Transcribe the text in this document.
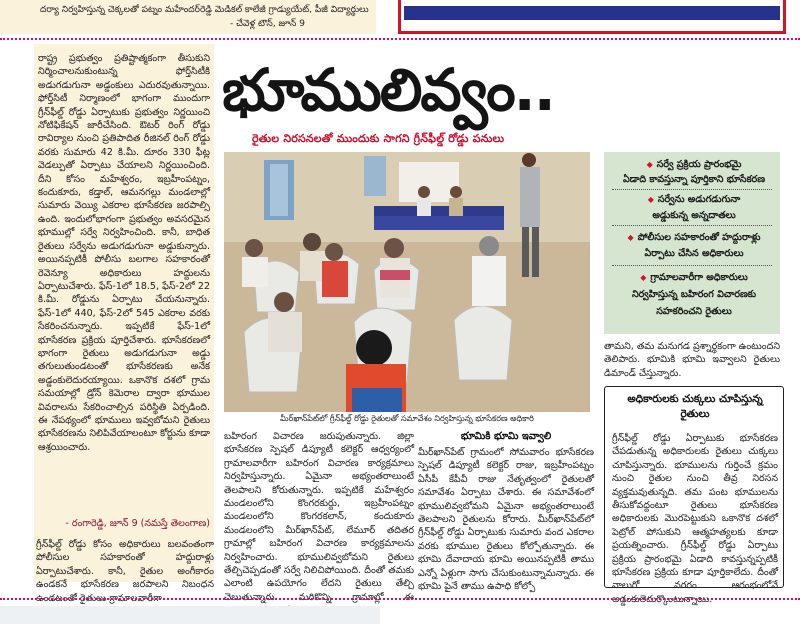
దర్యా నిర్వహిస్తున్న చెక్కలతో పట్నం మహేందర్‌రెడ్డి మెడికల్ కాలేజీ గ్రాడ్యుయేట్, పీజీ విద్యార్థులు
- చేవెళ్ల టౌన్, జూన్ 9
రాష్ట్ర ప్రభుత్వం ప్రతిష్టాత్మకంగా తీసుకుని నిర్మించాలనుకుంటున్న ఫోర్త్‌సిటీకి అడుగడుగునా అడ్డంకులు ఎదురవుతున్నాయి. ఫోర్త్‌సిటీ నిర్మాణంలో భాగంగా ముందుగా గ్రీన్‌ఫీల్డ్ రోడ్డు ఏర్పాటుకు ప్రభుత్వం నిర్ణయించి నోటిఫికేషన్ జారీచేసింది. ఔటర్ రింగ్ రోడ్డు రావిర్యాల నుంచి ప్రతిపాదిత రీజినల్ రింగ్ రోడ్డు వరకు సుమారు 42 కి.మీ. దూరం 330 ఫీట్ల వెడల్పుతో ఏర్పాటు చేయాలని నిర్ణయించింది. దీని కోసం మహేశ్వరం, ఇబ్రహీంపట్నం, కందుకూరు, కడ్తాల్, ఆమనగల్లు మండలాల్లో సుమారు వెయ్యి ఎకరాల భూసేకరణ జరపాల్సి ఉంది. ఇందులోభాగంగా ప్రభుత్వం అవసరమైన భూముల్లో సర్వే నిర్వహించింది. కానీ, బాధిత రైతులు సర్వేను అడుగడుగునా అడ్డుకున్నారు. అయినప్పటికీ పోలీసు బలగాల సహకారంతో రెవెన్యూ అధికారులు హద్దులను ఏర్పాటుచేశారు. ఫేస్-1లో 18.5, ఫేస్-2లో 22 కి.మీ. రోడ్డును ఏర్పాటు చేయనున్నారు. ఫేస్-1లో 440, ఫేస్-2లో 545 ఎకరాల వరకు సేకరించనున్నారు. ఇప్పటికే ఫేస్-1లో భూసేకరణ ప్రక్రియ పూర్తిచేశారు. భూసేకరణలో భాగంగా రైతులు అడుగడుగునా అడ్డు తగులుతుండటంతో భూసేకరణకు అనేక అడ్డంకులెదురయ్యాయి. ఒకానొక దశలో గ్రామ సమయాల్లో డ్రోన్ కెమెరాల ద్వారా భూముల వివరాలను సేకరించాల్సిన పరిస్థితి ఏర్పడింది. ఈ నేపథ్యంలో భూములు ఇవ్వబోమని రైతులు భూసేకరణను నిలిపివేయాలంటూ కోర్టును కూడా ఆశ్రయించారు.
- రంగారెడ్డి, జూన్ 9 (నమస్తే తెలంగాణ)
గ్రీన్‌ఫీల్డ్ రోడ్డు కోసం అధికారులు బలవంతంగా పోలీసుల సహకారంతో హద్దురాళ్లు ఏర్పాటుచేశారు. కానీ, రైతుల అంగీకారం ఉండకనే భూసేకరణ జరపాలని నిబంధన ఉండటంతో రైతులు గ్రామాలవారీగా
భూములివ్వం..
రైతుల నిరసనలతో ముందుకు సాగని గ్రీన్‌ఫీల్డ్ రోడ్డు పనులు
మీర్‌ఖాన్‌పేట్‌లో గ్రీన్‌ఫీల్డ్ రోడ్డు రైతులతో సమావేశం నిర్వహిస్తున్న భూసేకరణ అధికారి
◆ సర్వే ప్రక్రియ ప్రారంభమై
ఏడాది కావస్తున్నా పూర్తికాని భూసేకరణ
◆ సర్వేను అడుగడుగునా
అడ్డుకున్న అన్నదాతలు
◆ పోలీసుల సహకారంతో హద్దురాళ్లు
ఏర్పాటు చేసిన అధికారులు
◆ గ్రామాలవారీగా అధికారులు
నిర్వహిస్తున్న బహిరంగ విచారణకు
సహకరించని రైతులు
తామని, తమ మనుగడ ప్రశ్నార్థకంగా ఉంటుందని తెలిపారు. భూమికి భూమి ఇవ్వాలని రైతులు డిమాండ్ చేస్తున్నారు.
అధికారులకు చుక్కలు చూపిస్తున్న రైతులు
గ్రీన్‌ఫీల్డ్ రోడ్డు ఏర్పాటుకు భూసేకరణ చేపడుతున్న అధికారులకు రైతులు చుక్కలు చూపిస్తున్నారు. భూములను గుర్తించే క్రమం నుంచి రైతుల నుంచి తీవ్ర నిరసన వ్యక్తమవుతున్నది. తమ పంట భూములను తీసుకోవద్దంటూ రైతులు భూసేకరణ అధికారులకు మొరపెట్టుకుని ఒకానొక దశలో పెట్రోల్ పోసుకుని ఆత్మహత్యలకు కూడా ప్రయత్నించారు. గ్రీన్‌ఫీల్డ్ రోడ్డు ఏర్పాటు ప్రక్రియ ప్రారంభమై ఏడాది కావస్తున్నప్పటికీ భూసేకరణ ప్రక్రియ కూడా పూర్తికాలేదు. దీంతో నాలుగో నగరం ఆరంభంలోనే అడ్డంకులెదుర్కొంటున్నాయి.
బహిరంగ విచారణ జరుపుతున్నారు. జిల్లా భూసేకరణ స్పెషల్ డిప్యూటీ కలెక్టర్ ఆధ్వర్యంలో గ్రామాలవారీగా బహిరంగ విచారణ కార్యక్రమాలు నిర్వహిస్తున్నారు. ఏమైనా అభ్యంతరాలుంటే తెలపాలని కోరుతున్నారు. ఇప్పటికే మహేశ్వరం మండలంలోని కొంగరకుర్దు, ఇబ్రహీంపట్నం మండలంలోని కొంగరకలాన్, కందుకూరు మండలంలోని మీర్‌ఖాన్‌పేట్, లేమూర్ తదితర గ్రామాల్లో బహిరంగ విచారణ కార్యక్రమాలను నిర్వహించారు. భూములివ్వబోమని రైతులు తేల్చిచెప్పడంతో సర్వే నిలిచిపోయింది. దీంతో తమకు ఎలాంటి ఉపయోగం లేదని రైతులు తేల్చి చెబుతున్నారు. మరికొన్ని గ్రామాల్లో ఈ
భూమికి భూమి ఇవ్వాలి
మీర్‌ఖాన్‌పేట్ గ్రామంలో సోమవారం భూసేకరణ స్పెషల్ డిప్యూటీ కలెక్టర్ రాజు, ఇబ్రహీంపట్నం ఏసీపీ కేపీవీ రాజు నేతృత్వంలో రైతులతో సమావేశం ఏర్పాటు చేశారు. ఈ సమావేశంలో భూములివ్వబోమని ఏమైనా అభ్యంతరాలుంటే తెలపాలని రైతులను కోరారు. మీర్‌ఖాన్‌పేట్‌లో గ్రీన్‌ఫీల్డ్ రోడ్డు ఏర్పాటుకు సుమారు వంద ఎకరాల వరకు భూముల రైతులు కోల్పోతున్నారు. ఈ భూమి దేవాదాయ భూమి అయినప్పటికీ తాము ఎన్నో ఏళ్లుగా సాగు చేసుకుంటున్నామన్నారు. ఈ భూమి పైనే తాము ఉపాధి కోల్పో
